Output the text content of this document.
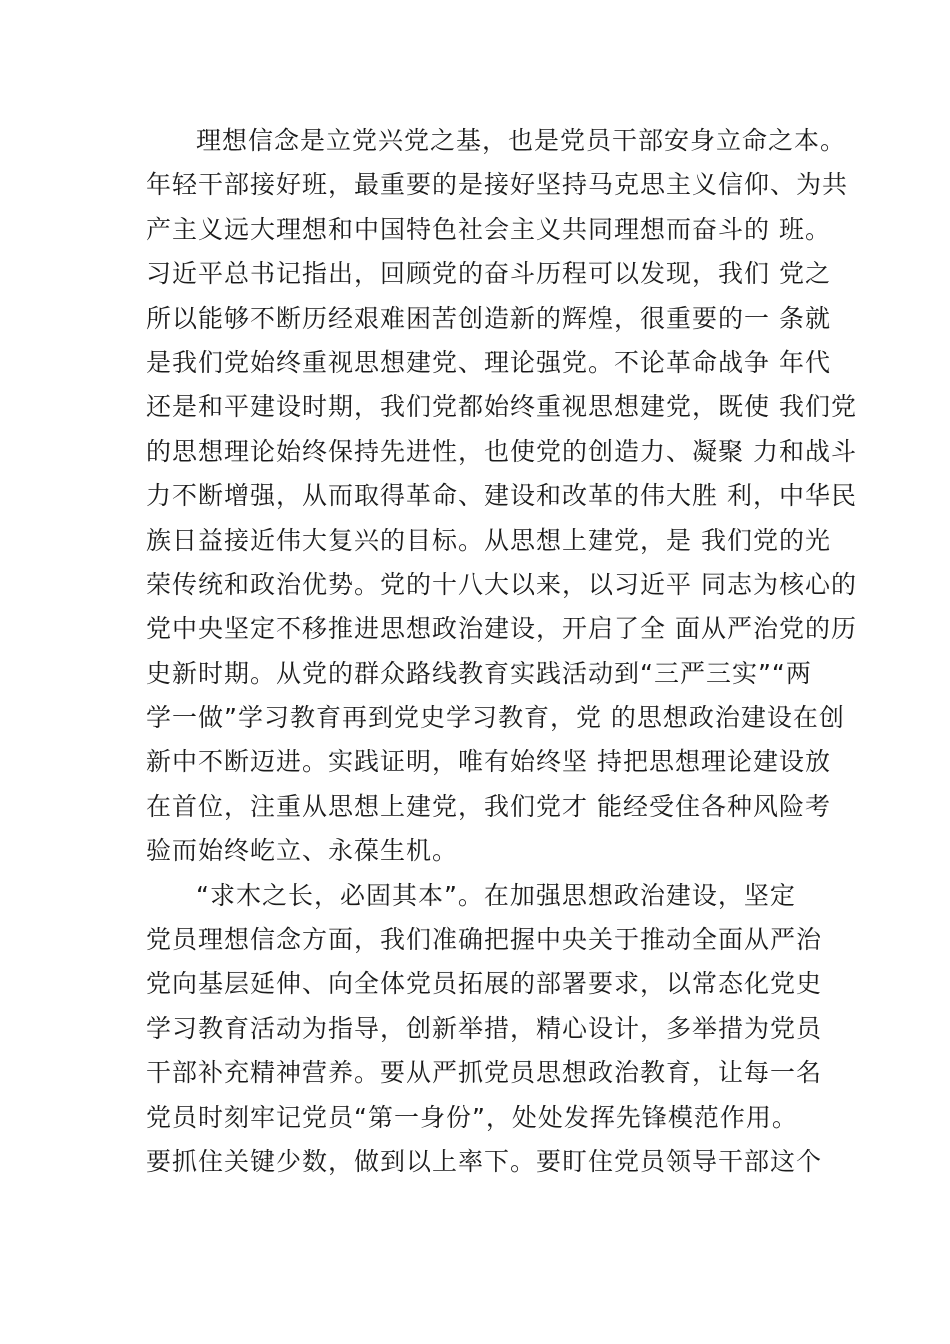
理想信念是立党兴党之基，也是党员干部安身立命之本。
年轻干部接好班，最重要的是接好坚持马克思主义信仰、为共
产主义远大理想和中国特色社会主义共同理想而奋斗的 班。
习近平总书记指出，回顾党的奋斗历程可以发现，我们 党之
所以能够不断历经艰难困苦创造新的辉煌，很重要的一 条就
是我们党始终重视思想建党、理论强党。不论革命战争 年代
还是和平建设时期，我们党都始终重视思想建党，既使 我们党
的思想理论始终保持先进性，也使党的创造力、凝聚 力和战斗
力不断增强，从而取得革命、建设和改革的伟大胜 利，中华民
族日益接近伟大复兴的目标。从思想上建党，是 我们党的光
荣传统和政治优势。党的十八大以来，以习近平 同志为核心的
党中央坚定不移推进思想政治建设，开启了全 面从严治党的历
史新时期。从党的群众路线教育实践活动到“三严三实”“两
学一做”学习教育再到党史学习教育，党 的思想政治建设在创
新中不断迈进。实践证明，唯有始终坚 持把思想理论建设放
在首位，注重从思想上建党，我们党才 能经受住各种风险考
验而始终屹立、永葆生机。
“求木之长，必固其本”。在加强思想政治建设，坚定
党员理想信念方面，我们准确把握中央关于推动全面从严治
党向基层延伸、向全体党员拓展的部署要求，以常态化党史
学习教育活动为指导，创新举措，精心设计，多举措为党员
干部补充精神营养。要从严抓党员思想政治教育，让每一名
党员时刻牢记党员“第一身份”，处处发挥先锋模范作用。
要抓住关键少数，做到以上率下。要盯住党员领导干部这个
